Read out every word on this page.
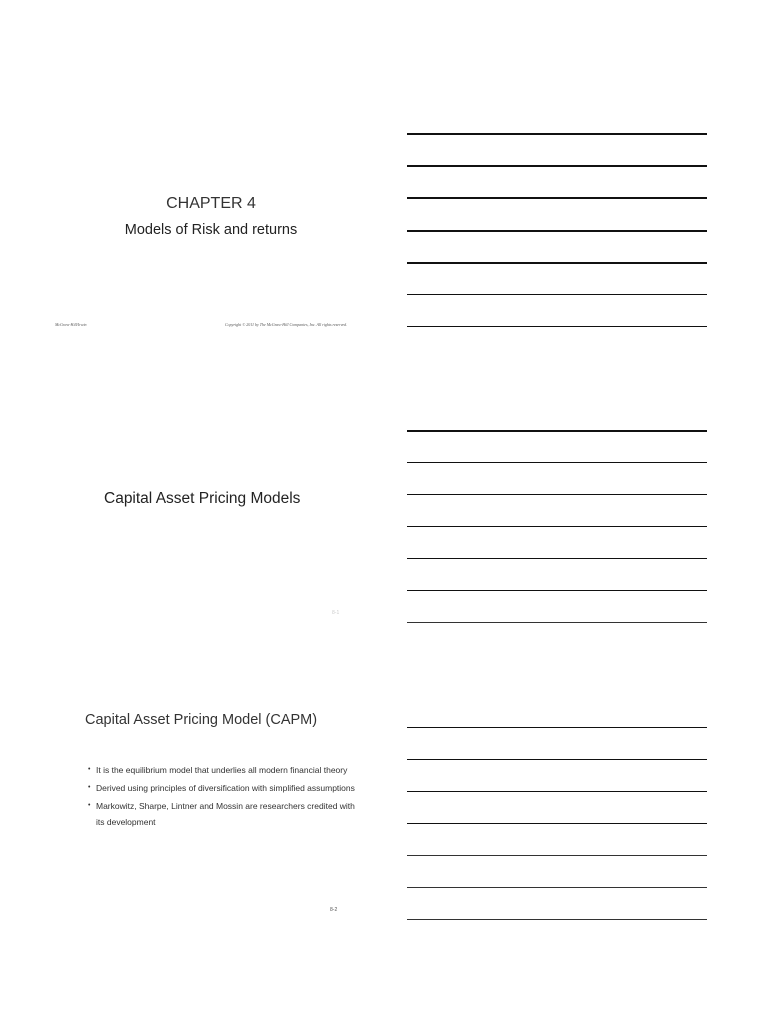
CHAPTER 4
Models of Risk and returns
McGraw-Hill/Irwin	Copyright © 2011 by The McGraw-Hill Companies, Inc. All rights reserved.
Capital Asset Pricing Models
8-1
Capital Asset Pricing Model (CAPM)
• It is the equilibrium model that underlies all modern financial theory
• Derived using principles of diversification with simplified assumptions
• Markowitz, Sharpe, Lintner and Mossin are researchers credited with its development
8-2
